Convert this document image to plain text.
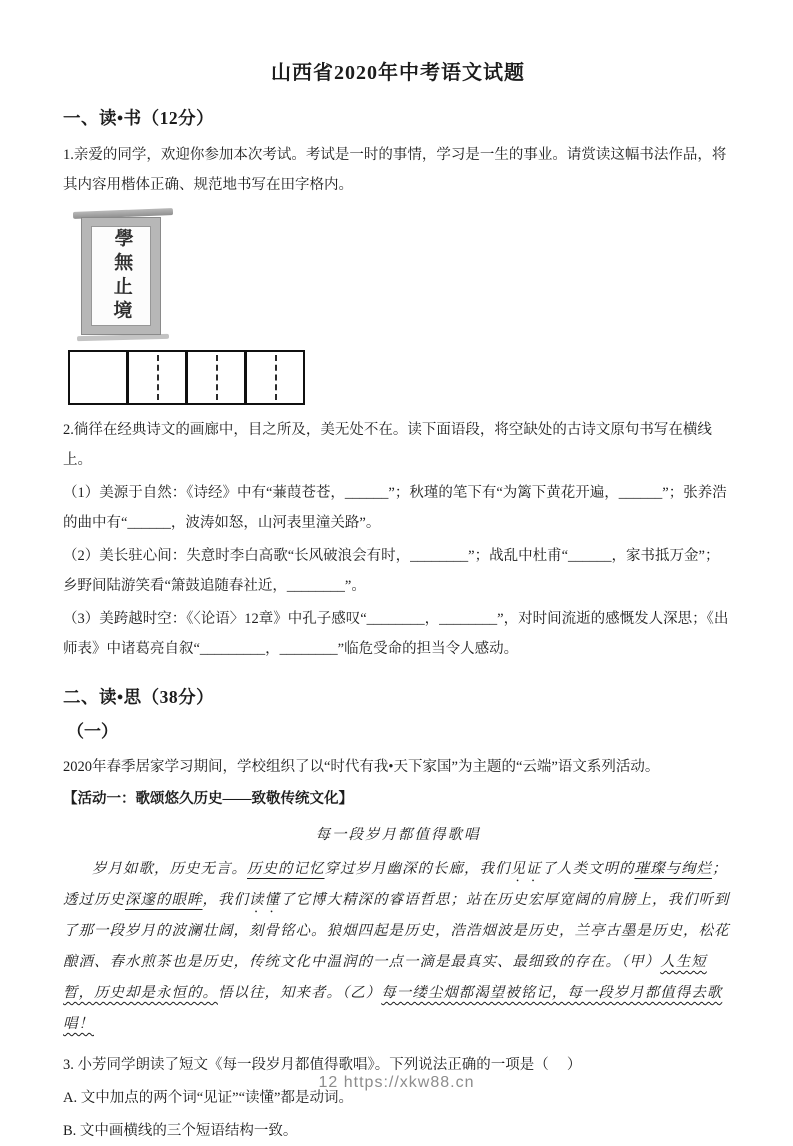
山西省2020年中考语文试题
一、读•书（12分）

1.亲爱的同学，欢迎你参加本次考试。考试是一时的事情，学习是一生的事业。请赏读这幅书法作品，将其内容用楷体正确、规范地书写在田字格内。

學無止境

2.徜徉在经典诗文的画廊中，目之所及，美无处不在。读下面语段，将空缺处的古诗文原句书写在横线上。

（1）美源于自然：《诗经》中有“蒹葭苍苍，______”；秋瑾的笔下有“为篱下黄花开遍，______”；张养浩的曲中有“______，波涛如怒，山河表里潼关路”。

（2）美长驻心间：失意时李白高歌“长风破浪会有时，________”；战乱中杜甫“______，家书抵万金”；乡野间陆游笑看“箫鼓追随春社近，________”。

（3）美跨越时空：《〈论语〉12章》中孔子感叹“________，________”，对时间流逝的感慨发人深思；《出师表》中诸葛亮自叙“_________，________”临危受命的担当令人感动。

二、读•思（38分）
（一）

2020年春季居家学习期间，学校组织了以“时代有我•天下家国”为主题的“云端”语文系列活动。

【活动一：歌颂悠久历史——致敬传统文化】

每一段岁月都值得歌唱

岁月如歌，历史无言。历史的记忆穿过岁月幽深的长廊，我们见证了人类文明的璀璨与绚烂；透过历史深邃的眼眸，我们读懂了它博大精深的睿语哲思；站在历史宏厚宽阔的肩膀上，我们听到了那一段岁月的波澜壮阔，刻骨铭心。狼烟四起是历史，浩浩烟波是历史，兰亭古墨是历史，松花酿酒、春水煎茶也是历史，传统文化中温润的一点一滴是最真实、最细致的存在。（甲）人生短暂，历史却是永恒的。悟以往，知来者。（乙）每一缕尘烟都渴望被铭记，每一段岁月都值得去歌唱！

3. 小芳同学朗读了短文《每一段岁月都值得歌唱》。下列说法正确的一项是（　 ）

A. 文中加点的两个词“见证”“读懂”都是动词。

B. 文中画横线的三个短语结构一致。

12 https://xkw88.cn
